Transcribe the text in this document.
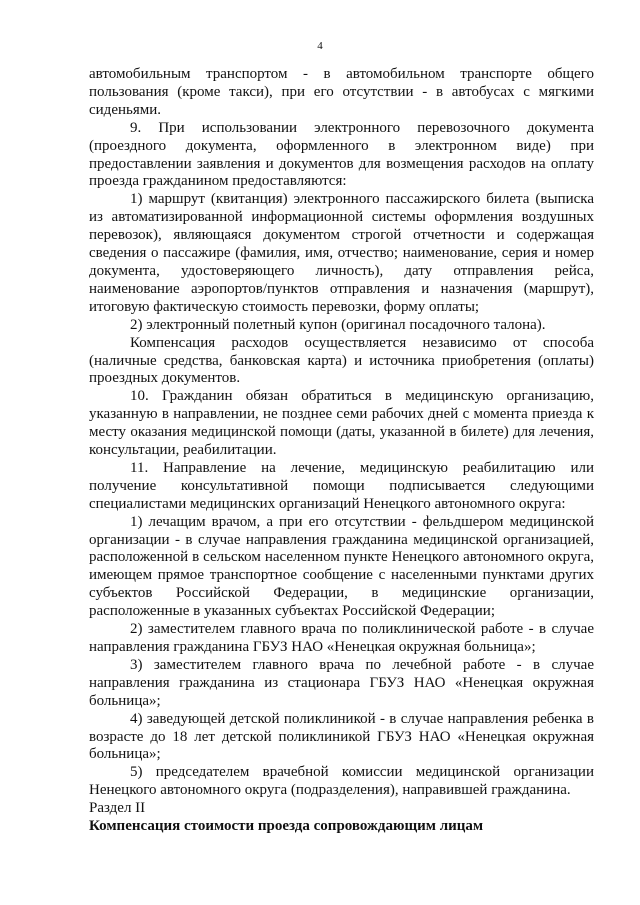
4

автомобильным транспортом - в автомобильном транспорте общего пользования (кроме такси), при его отсутствии - в автобусах с мягкими сиденьями.

9. При использовании электронного перевозочного документа (проездного документа, оформленного в электронном виде) при предоставлении заявления и документов для возмещения расходов на оплату проезда гражданином предоставляются:

1) маршрут (квитанция) электронного пассажирского билета (выписка из автоматизированной информационной системы оформления воздушных перевозок), являющаяся документом строгой отчетности и содержащая сведения о пассажире (фамилия, имя, отчество; наименование, серия и номер документа, удостоверяющего личность), дату отправления рейса, наименование аэропортов/пунктов отправления и назначения (маршрут), итоговую фактическую стоимость перевозки, форму оплаты;

2) электронный полетный купон (оригинал посадочного талона).

Компенсация расходов осуществляется независимо от способа (наличные средства, банковская карта) и источника приобретения (оплаты) проездных документов.

10. Гражданин обязан обратиться в медицинскую организацию, указанную в направлении, не позднее семи рабочих дней с момента приезда к месту оказания медицинской помощи (даты, указанной в билете) для лечения, консультации, реабилитации.

11. Направление на лечение, медицинскую реабилитацию или получение консультативной помощи подписывается следующими специалистами медицинских организаций Ненецкого автономного округа:

1) лечащим врачом, а при его отсутствии - фельдшером медицинской организации - в случае направления гражданина медицинской организацией, расположенной в сельском населенном пункте Ненецкого автономного округа, имеющем прямое транспортное сообщение с населенными пунктами других субъектов Российской Федерации, в медицинские организации, расположенные в указанных субъектах Российской Федерации;

2) заместителем главного врача по поликлинической работе - в случае направления гражданина ГБУЗ НАО «Ненецкая окружная больница»;

3) заместителем главного врача по лечебной работе - в случае направления гражданина из стационара ГБУЗ НАО «Ненецкая окружная больница»;

4) заведующей детской поликлиникой - в случае направления ребенка в возрасте до 18 лет детской поликлиникой ГБУЗ НАО «Ненецкая окружная больница»;

5) председателем врачебной комиссии медицинской организации Ненецкого автономного округа (подразделения), направившей гражданина.

Раздел II

Компенсация стоимости проезда сопровождающим лицам
